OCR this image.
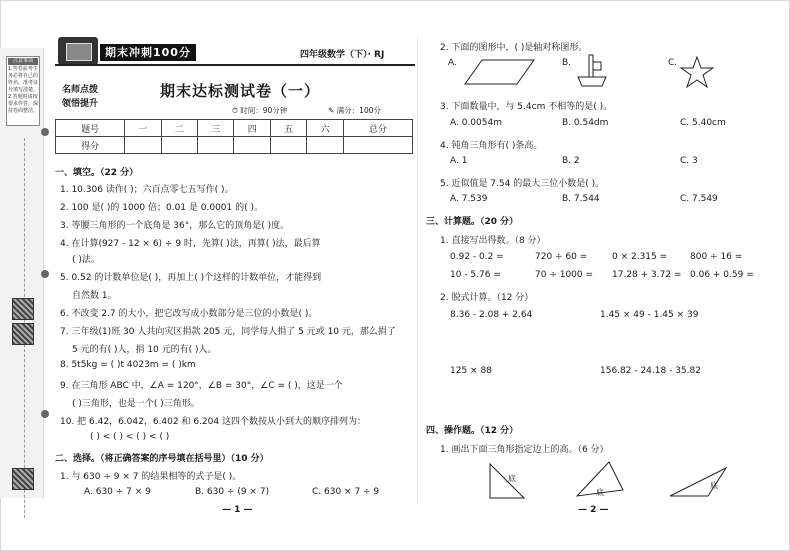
注意事项
1.答卷前考生务必将自己的姓名、准考证号填写清楚。2.答题时请按要求作答，保持卷面整洁。
期末冲刺100分	四年级数学（下）· RJ
名师点拨
领悟提升
期末达标测试卷（一）
⏱ 时间：90分钟	✎ 满分：100分
题号	一	二	三	四	五	六	总分
得分							
一、填空。（22 分）
1. 10.306 读作( )；六百点零七五写作( )。
2. 100 是( )的 1000 倍；0.01 是 0.0001 的( )。
3. 等腰三角形的一个底角是 36°，那么它的顶角是( )度。
4. 在计算(927 - 12 × 6) ÷ 9 时，先算( )法，再算( )法，最后算
( )法。
5. 0.52 的计数单位是( )，再加上( )个这样的计数单位，才能得到
自然数 1。
6. 不改变 2.7 的大小，把它改写成小数部分是三位的小数是( )。
7. 三年级(1)班 30 人共向灾区捐款 205 元，同学每人捐了 5 元或 10 元，那么捐了
5 元的有( )人，捐 10 元的有( )人。
8. 5t5kg = ( )t 4023m = ( )km
9. 在三角形 ABC 中，∠A = 120°，∠B = 30°，∠C = ( )，这是一个
( )三角形，也是一个( )三角形。
10. 把 6.42，6.042，6.402 和 6.204 这四个数按从小到大的顺序排列为：
( ) < ( ) < ( ) < ( )
二、选择。（将正确答案的序号填在括号里）（10 分）
1. 与 630 ÷ 9 × 7 的结果相等的式子是( )。
A. 630 ÷ 7 × 9	B. 630 ÷ (9 × 7)	C. 630 × 7 ÷ 9
— 1 —
2. 下面的图形中，( )是轴对称图形。
A.	B.	C.
3. 下面数量中，与 5.4cm 不相等的是( )。
A. 0.0054m	B. 0.54dm	C. 5.40cm
4. 钝角三角形有( )条高。
A. 1	B. 2	C. 3
5. 近似值是 7.54 的最大三位小数是( )。
A. 7.539	B. 7.544	C. 7.549
三、计算题。（20 分）
1. 直接写出得数。（8 分）
0.92 - 0.2 =	720 ÷ 60 =	0 × 2.315 =	800 ÷ 16 =
10 - 5.76 =	70 ÷ 1000 = 17.28 + 3.72 = 0.06 + 0.59 =
2. 脱式计算。（12 分）
8.36 - 2.08 + 2.64	1.45 × 49 - 1.45 × 39
125 × 88	156.82 - 24.18 - 35.82
四、操作题。（12 分）
1. 画出下面三角形指定边上的高。（6 分）
底
底
底
— 2 —
